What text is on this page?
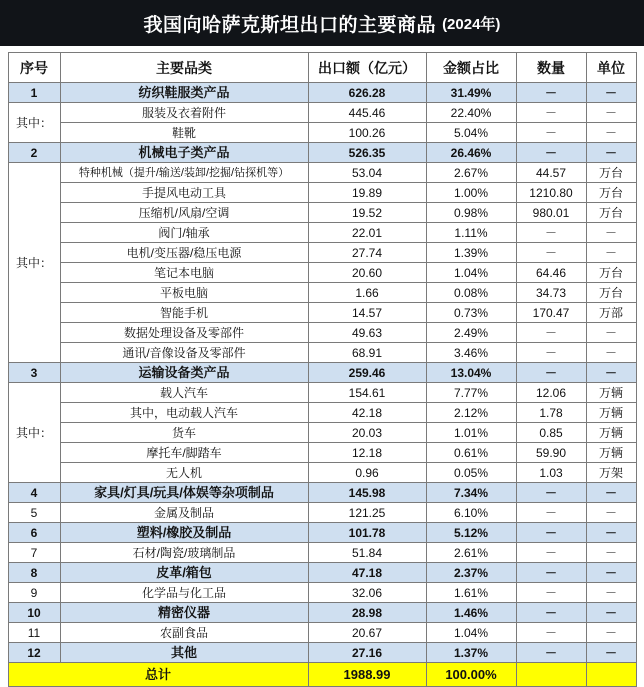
我国向哈萨克斯坦出口的主要商品 (2024年)
序号	主要品类	出口额（亿元）	金额占比	数量	单位
1	纺织鞋服类产品	626.28	31.49%	－	－
其中：	服装及衣着附件	445.46	22.40%	－	－
	鞋靴	100.26	5.04%	－	－
2	机械电子类产品	526.35	26.46%	－	－
其中：	特种机械（提升/输送/装卸/挖掘/钻探机等）	53.04	2.67%	44.57	万台
	手提风电动工具	19.89	1.00%	1210.80	万台
	压缩机/风扇/空调	19.52	0.98%	980.01	万台
	阀门/轴承	22.01	1.11%	－	－
	电机/变压器/稳压电源	27.74	1.39%	－	－
	笔记本电脑	20.60	1.04%	64.46	万台
	平板电脑	1.66	0.08%	34.73	万台
	智能手机	14.57	0.73%	170.47	万部
	数据处理设备及零部件	49.63	2.49%	－	－
	通讯/音像设备及零部件	68.91	3.46%	－	－
3	运输设备类产品	259.46	13.04%	－	－
其中：	载人汽车	154.61	7.77%	12.06	万辆
	其中，电动载人汽车	42.18	2.12%	1.78	万辆
	货车	20.03	1.01%	0.85	万辆
	摩托车/脚踏车	12.18	0.61%	59.90	万辆
	无人机	0.96	0.05%	1.03	万架
4	家具/灯具/玩具/体娱等杂项制品	145.98	7.34%	－	－
5	金属及制品	121.25	6.10%	－	－
6	塑料/橡胶及制品	101.78	5.12%	－	－
7	石材/陶瓷/玻璃制品	51.84	2.61%	－	－
8	皮革/箱包	47.18	2.37%	－	－
9	化学品与化工品	32.06	1.61%	－	－
10	精密仪器	28.98	1.46%	－	－
11	农副食品	20.67	1.04%	－	－
12	其他	27.16	1.37%	－	－
总计		1988.99	100.00%		
